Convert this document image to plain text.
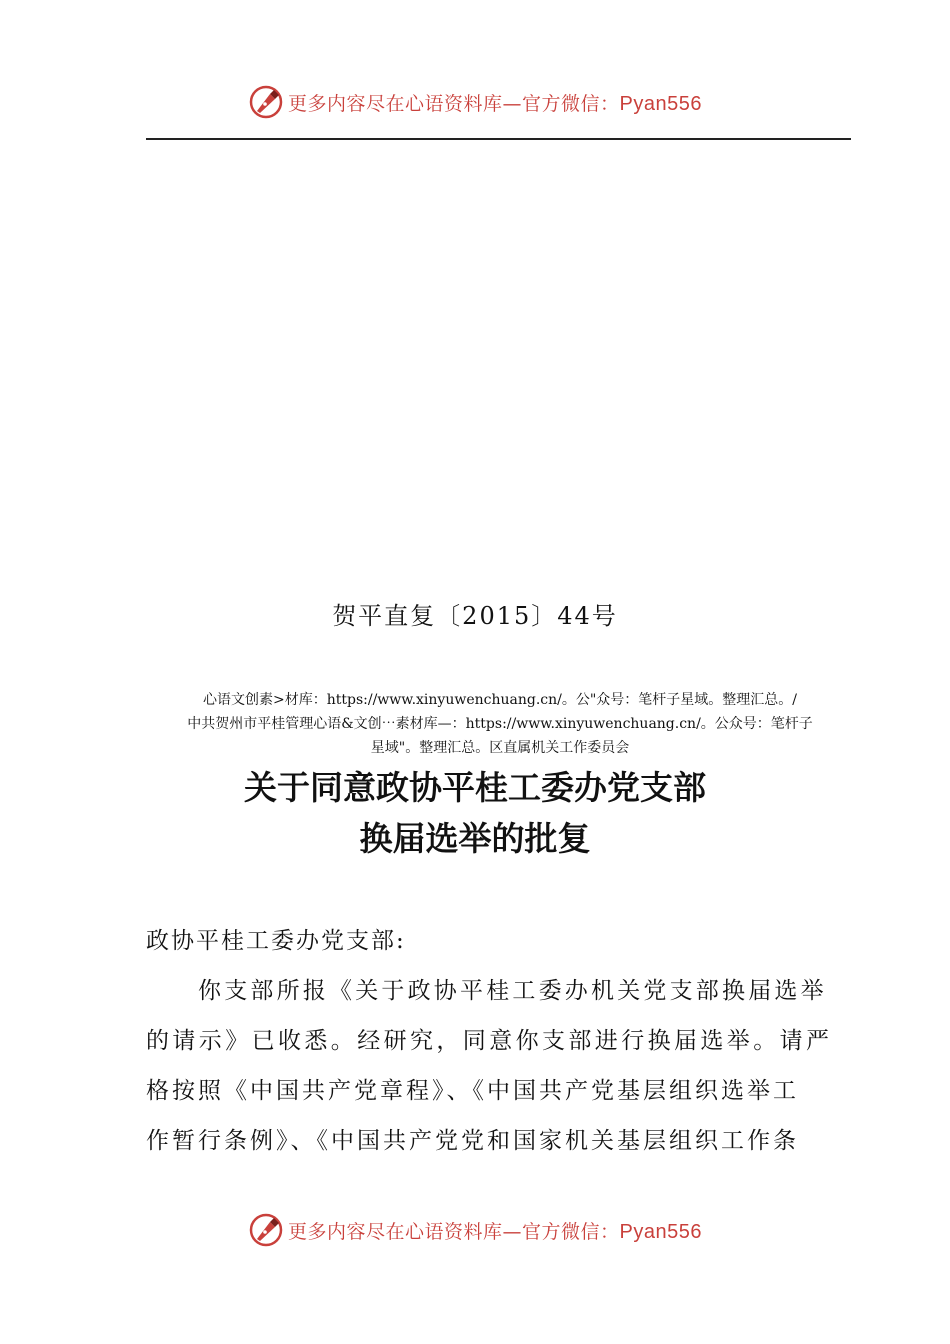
更多内容尽在心语资料库—官方微信：Pyan556
贺平直复〔2015〕44号
心语文创素>材库：https://www.xinyuwenchuang.cn/。公"众号：笔杆子星域。整理汇总。/
中共贺州市平桂管理心语&文创⋯素材库—：https://www.xinyuwenchuang.cn/。公众号：笔杆子
星域"。整理汇总。区直属机关工作委员会
关于同意政协平桂工委办党支部
换届选举的批复
政协平桂工委办党支部:
你支部所报《关于政协平桂工委办机关党支部换届选举
的请示》已收悉。经研究，同意你支部进行换届选举。请严
格按照《中国共产党章程》、《中国共产党基层组织选举工
作暂行条例》、《中国共产党党和国家机关基层组织工作条
更多内容尽在心语资料库—官方微信：Pyan556
